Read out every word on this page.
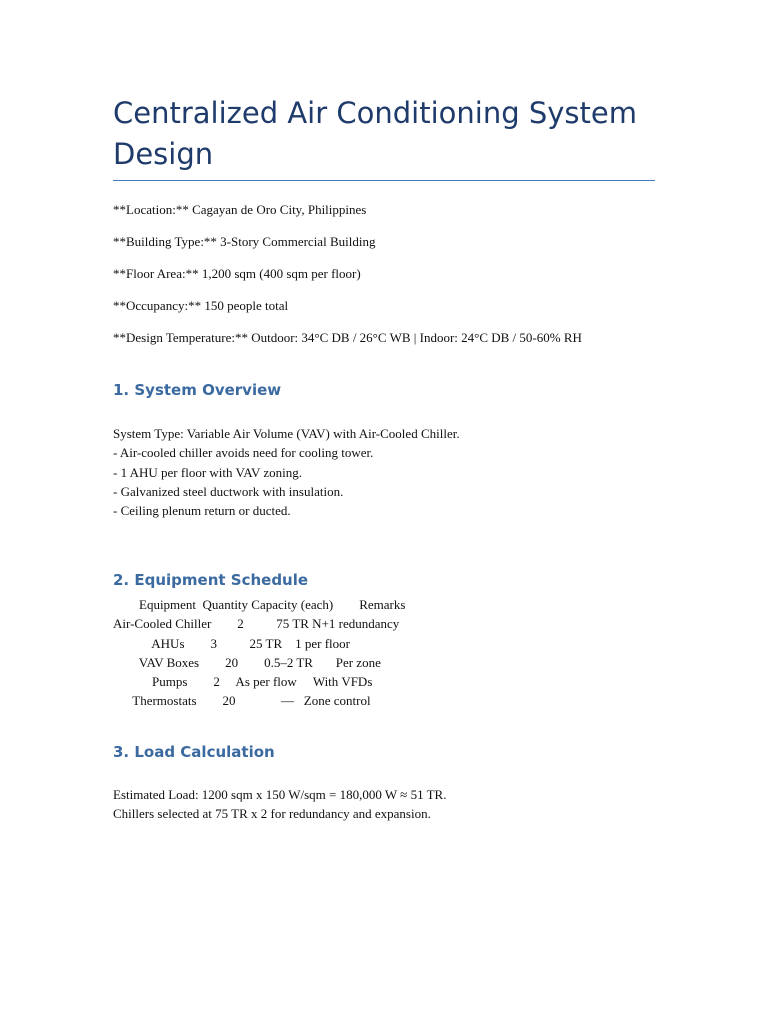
Centralized Air Conditioning System Design

**Location:** Cagayan de Oro City, Philippines

**Building Type:** 3-Story Commercial Building

**Floor Area:** 1,200 sqm (400 sqm per floor)

**Occupancy:** 150 people total

**Design Temperature:** Outdoor: 34°C DB / 26°C WB | Indoor: 24°C DB / 50-60% RH

1. System Overview

System Type: Variable Air Volume (VAV) with Air-Cooled Chiller.
- Air-cooled chiller avoids need for cooling tower.
- 1 AHU per floor with VAV zoning.
- Galvanized steel ductwork with insulation.
- Ceiling plenum return or ducted.

2. Equipment Schedule

Equipment  Quantity Capacity (each)        Remarks
Air-Cooled Chiller        2          75 TR N+1 redundancy
AHUs        3          25 TR    1 per floor
VAV Boxes        20        0.5–2 TR       Per zone
Pumps        2     As per flow     With VFDs
Thermostats        20              —   Zone control

3. Load Calculation

Estimated Load: 1200 sqm x 150 W/sqm = 180,000 W ≈ 51 TR.
Chillers selected at 75 TR x 2 for redundancy and expansion.
